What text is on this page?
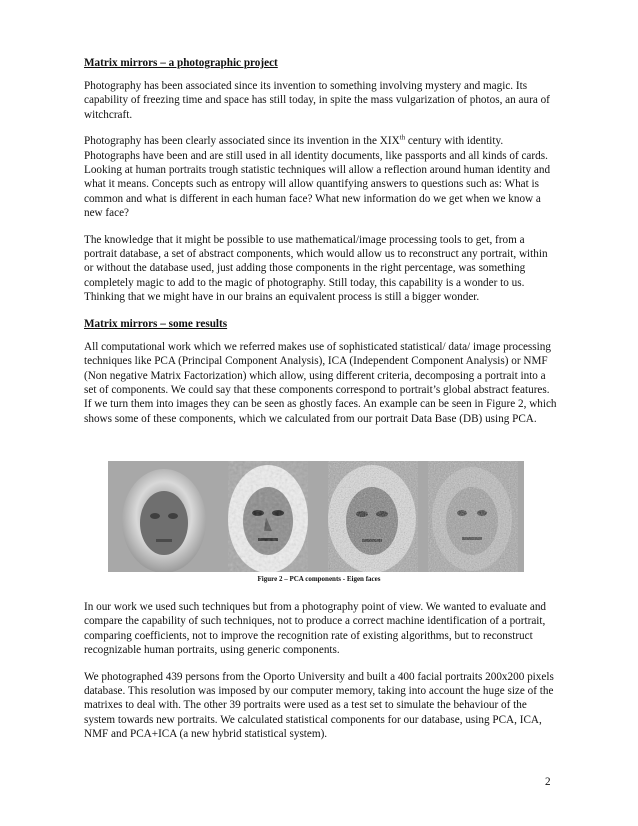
Matrix mirrors – a photographic project

Photography has been associated since its invention to something involving mystery and magic. Its capability of freezing time and space has still today, in spite the mass vulgarization of photos, an aura of witchcraft.

Photography has been clearly associated since its invention in the XIXth century with identity. Photographs have been and are still used in all identity documents, like passports and all kinds of cards. Looking at human portraits trough statistic techniques will allow a reflection around human identity and what it means. Concepts such as entropy will allow quantifying answers to questions such as: What is common and what is different in each human face? What new information do we get when we know a new face?

The knowledge that it might be possible to use mathematical/image processing tools to get, from a portrait database, a set of abstract components, which would allow us to reconstruct any portrait, within or without the database used, just adding those components in the right percentage, was something completely magic to add to the magic of photography. Still today, this capability is a wonder to us. Thinking that we might have in our brains an equivalent process is still a bigger wonder.

Matrix mirrors – some results

All computational work which we referred makes use of sophisticated statistical/ data/ image processing techniques like PCA (Principal Component Analysis), ICA (Independent Component Analysis) or NMF (Non negative Matrix Factorization) which allow, using different criteria, decomposing a portrait into a set of components. We could say that these components correspond to portrait’s global abstract features. If we turn them into images they can be seen as ghostly faces. An example can be seen in Figure 2, which shows some of these components, which we calculated from our portrait Data Base (DB) using PCA.

Figure 2 – PCA components - Eigen faces

In our work we used such techniques but from a photography point of view. We wanted to evaluate and compare the capability of such techniques, not to produce a correct machine identification of a portrait, comparing coefficients, not to improve the recognition rate of existing algorithms, but to reconstruct recognizable human portraits, using generic components.

We photographed 439 persons from the Oporto University and built a 400 facial portraits 200x200 pixels database. This resolution was imposed by our computer memory, taking into account the huge size of the matrixes to deal with. The other 39 portraits were used as a test set to simulate the behaviour of the system towards new portraits. We calculated statistical components for our database, using PCA, ICA, NMF and PCA+ICA (a new hybrid statistical system).

2
